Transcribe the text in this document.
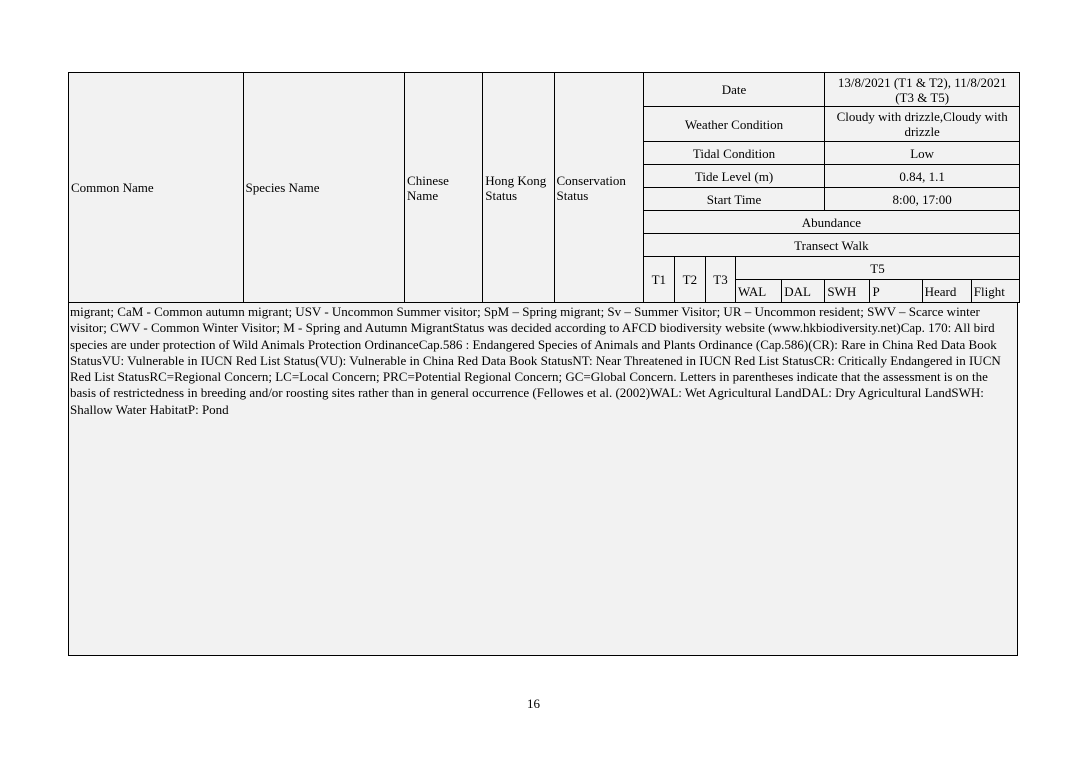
Common Name	Species Name	Chinese Name	Hong Kong Status	Conservation Status	Date					13/8/2021 (T1 & T2), 11/8/2021 (T3 & T5)			
					Weather Condition					Cloudy with drizzle,Cloudy with drizzle			
					Tidal Condition					Low			
					Tide Level (m)					0.84, 1.1			
					Start Time					8:00, 17:00			
					Abundance								
					Transect Walk								
					T1	T2	T3	T5					
								WAL	DAL	SWH	P	Heard	Flight
migrant; CaM - Common autumn migrant; USV - Uncommon Summer visitor; SpM – Spring migrant; Sv – Summer Visitor; UR – Uncommon resident; SWV – Scarce winter visitor; CWV - Common Winter Visitor; M - Spring and Autumn MigrantStatus was decided according to AFCD biodiversity website (www.hkbiodiversity.net)Cap. 170: All bird species are under protection of Wild Animals Protection OrdinanceCap.586 : Endangered Species of Animals and Plants Ordinance (Cap.586)(CR): Rare in China Red Data Book StatusVU: Vulnerable in IUCN Red List Status(VU): Vulnerable in China Red Data Book StatusNT: Near Threatened in IUCN Red List StatusCR: Critically Endangered in IUCN Red List StatusRC=Regional Concern; LC=Local Concern; PRC=Potential Regional Concern; GC=Global Concern. Letters in parentheses indicate that the assessment is on the basis of restrictedness in breeding and/or roosting sites rather than in general occurrence (Fellowes et al. (2002)WAL: Wet Agricultural LandDAL: Dry Agricultural LandSWH: Shallow Water HabitatP: Pond
16
